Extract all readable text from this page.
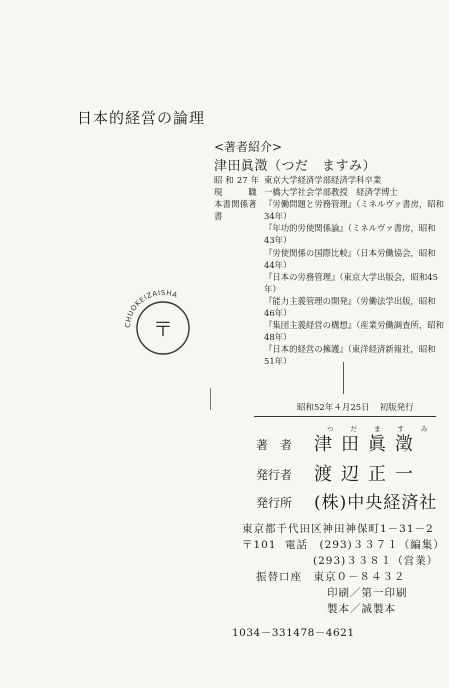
日本的経営の論理
<著者紹介>
津田眞澂（つだ　ますみ）
昭 和 27 年 東京大学経済学部経済学科卒業
現　　　職 一橋大学社会学部教授　経済学博士
本書関係著書
『労働問題と労務管理』（ミネルヴァ書房，昭和34年）
『年功的労使関係論』（ミネルヴァ書房，昭和43年）
『労使関係の国際比較』（日本労働協会，昭和44年）
『日本の労務管理』（東京大学出版会，昭和45年）
『能力主義管理の開発』（労働法学出版，昭和46年）
『集団主義経営の構想』（産業労働調査所，昭和48年）
『日本的経営の擁護』（東洋経済新報社，昭和51年）
CHUOKEIZAISHA
〒
昭和52年４月25日 初版発行
つだますみ
著　者 津田眞澂
発行者 渡辺正一
発行所 (株)中央経済社
東京都千代田区神田神保町1－31－2
〒101 電話　(293)３３７１（編集）
(293)３３８１（営業）
振替口座　東京０－８４３２
印刷／第一印刷
製本／誠製本
1034－331478－4621
